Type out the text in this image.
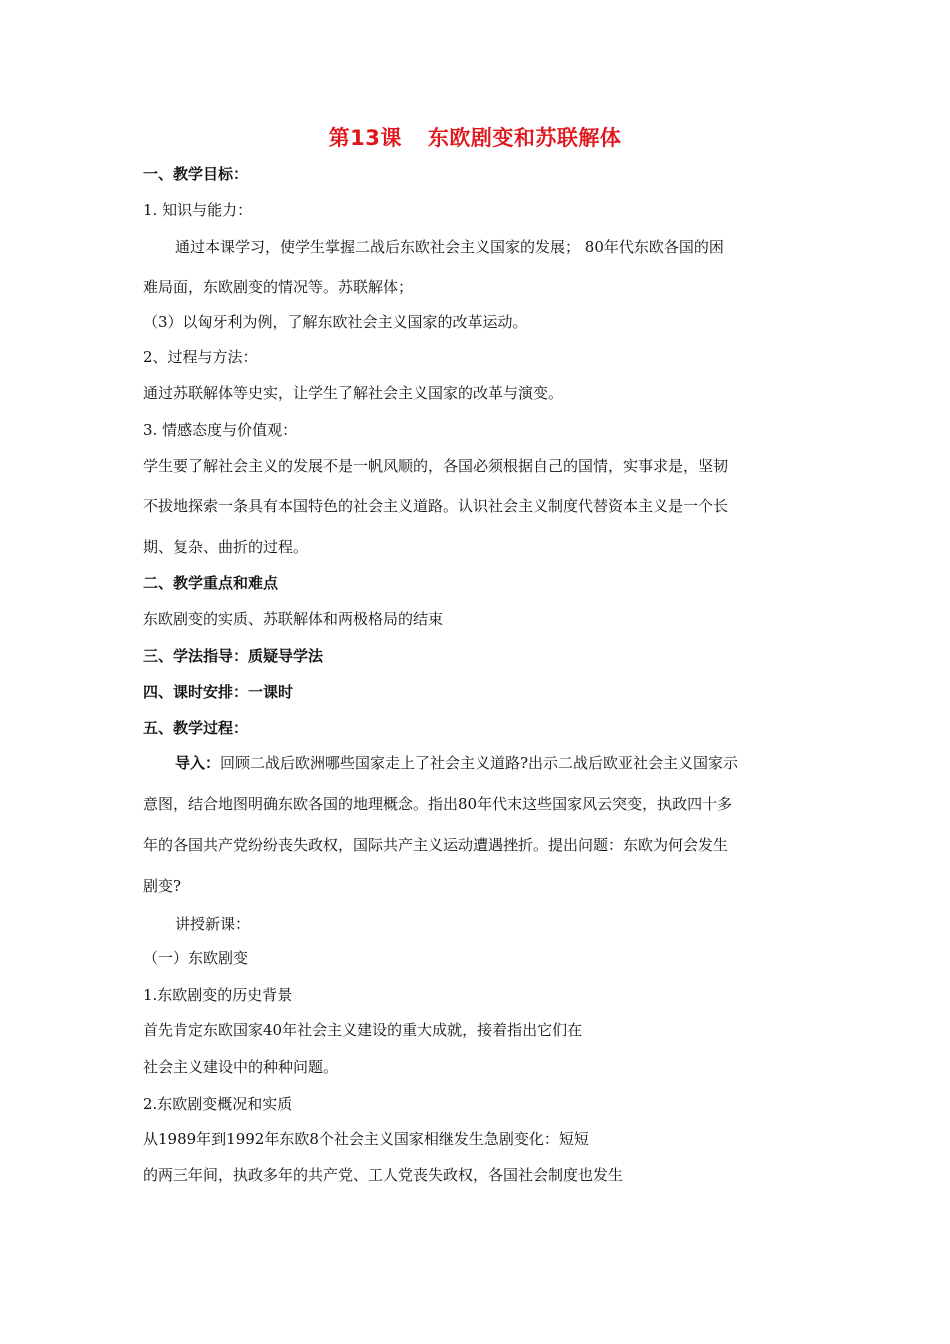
第13课 东欧剧变和苏联解体
一、教学目标：
1. 知识与能力：
通过本课学习，使学生掌握二战后东欧社会主义国家的发展； 80年代东欧各国的困
难局面，东欧剧变的情况等。苏联解体；
（3）以匈牙利为例，了解东欧社会主义国家的改革运动。
2、过程与方法：
通过苏联解体等史实，让学生了解社会主义国家的改革与演变。
3. 情感态度与价值观：
学生要了解社会主义的发展不是一帆风顺的，各国必须根据自己的国情，实事求是，坚韧
不拔地探索一条具有本国特色的社会主义道路。认识社会主义制度代替资本主义是一个长
期、复杂、曲折的过程。
二、教学重点和难点
东欧剧变的实质、苏联解体和两极格局的结束
三、学法指导：质疑导学法
四、课时安排：一课时
五、教学过程：
导入：回顾二战后欧洲哪些国家走上了社会主义道路?出示二战后欧亚社会主义国家示
意图，结合地图明确东欧各国的地理概念。指出80年代末这些国家风云突变，执政四十多
年的各国共产党纷纷丧失政权，国际共产主义运动遭遇挫折。提出问题：东欧为何会发生
剧变?
讲授新课：
（一）东欧剧变
1.东欧剧变的历史背景
首先肯定东欧国家40年社会主义建设的重大成就，接着指出它们在
社会主义建设中的种种问题。
2.东欧剧变概况和实质
从1989年到1992年东欧8个社会主义国家相继发生急剧变化：短短
的两三年间，执政多年的共产党、工人党丧失政权，各国社会制度也发生
